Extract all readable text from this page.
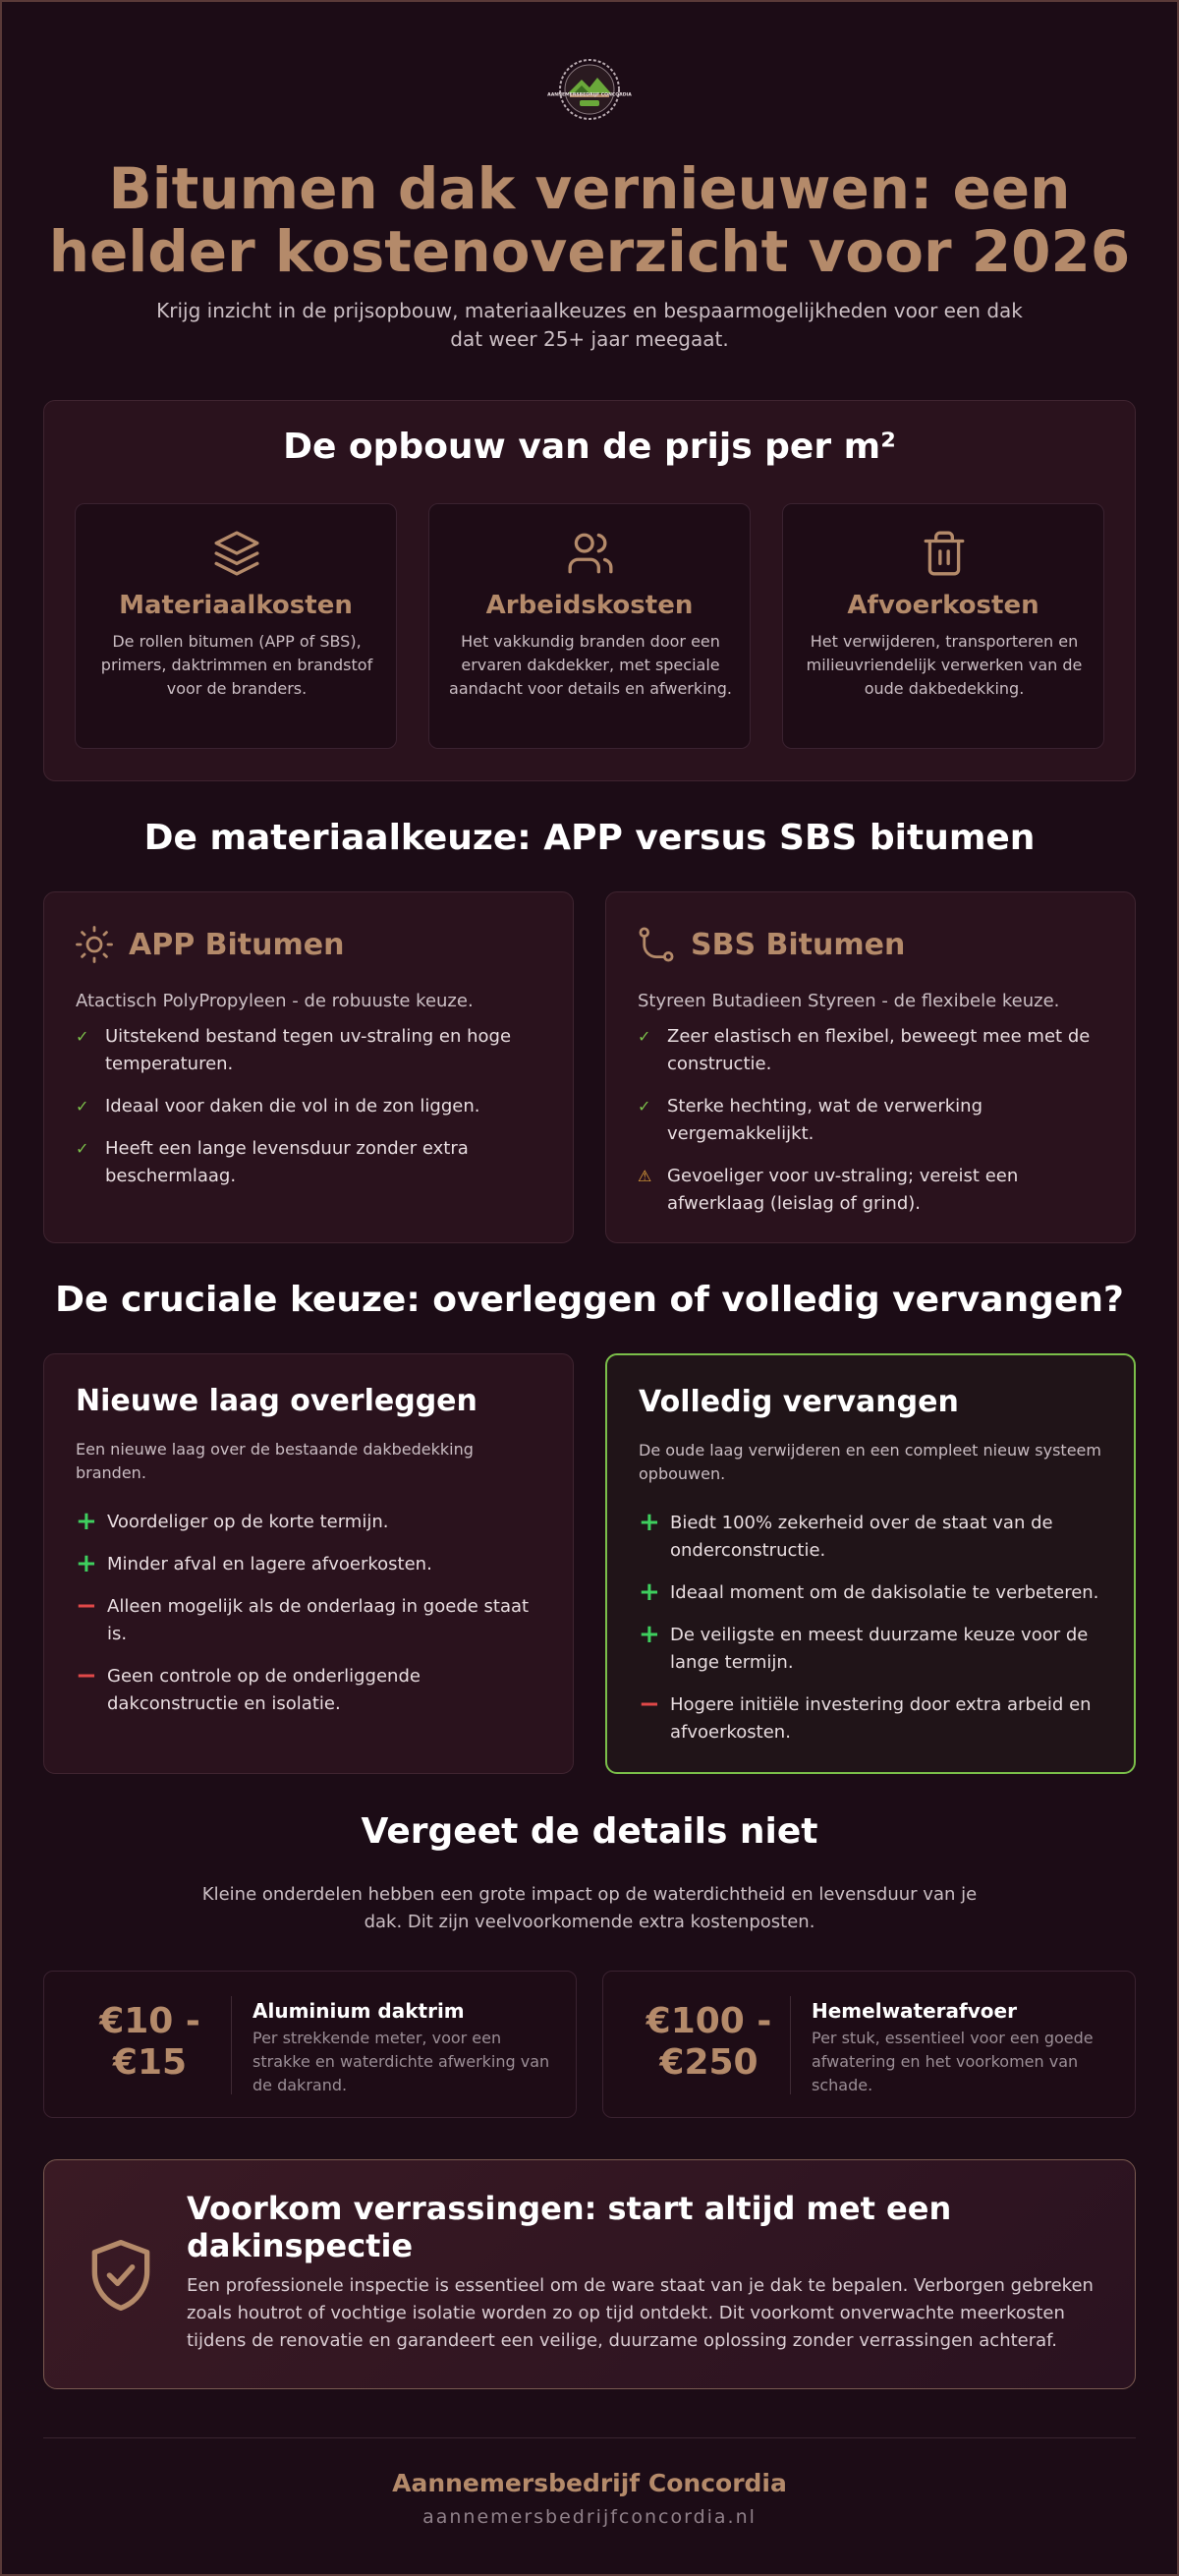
AANNEMERSBEDRIJF CONCORDIA
Bitumen dak vernieuwen: een helder kostenoverzicht voor 2026

Krijg inzicht in de prijsopbouw, materiaalkeuzes en bespaarmogelijkheden voor een dak dat weer 25+ jaar meegaat.

De opbouw van de prijs per m²
Materiaalkosten

De rollen bitumen (APP of SBS), primers, daktrimmen en brandstof voor de branders.

Arbeidskosten

Het vakkundig branden door een ervaren dakdekker, met speciale aandacht voor details en afwerking.

Afvoerkosten

Het verwijderen, transporteren en milieuvriendelijk verwerken van de oude dakbedekking.

De materiaalkeuze: APP versus SBS bitumen
APP Bitumen
Atactisch PolyPropyleen - de robuuste keuze.
✓ Uitstekend bestand tegen uv-straling en hoge temperaturen.
✓ Ideaal voor daken die vol in de zon liggen.
✓ Heeft een lange levensduur zonder extra beschermlaag.
SBS Bitumen
Styreen Butadieen Styreen - de flexibele keuze.
✓ Zeer elastisch en flexibel, beweegt mee met de constructie.
✓ Sterke hechting, wat de verwerking vergemakkelijkt.
⚠ Gevoeliger voor uv-straling; vereist een afwerklaag (leislag of grind).
De cruciale keuze: overleggen of volledig vervangen?
Nieuwe laag overleggen

Een nieuwe laag over de bestaande dakbedekking branden.

+ Voordeliger op de korte termijn.
+ Minder afval en lagere afvoerkosten.
− Alleen mogelijk als de onderlaag in goede staat is.
− Geen controle op de onderliggende dakconstructie en isolatie.
Volledig vervangen

De oude laag verwijderen en een compleet nieuw systeem opbouwen.

+ Biedt 100% zekerheid over de staat van de onderconstructie.
+ Ideaal moment om de dakisolatie te verbeteren.
+ De veiligste en meest duurzame keuze voor de lange termijn.
− Hogere initiële investering door extra arbeid en afvoerkosten.
Vergeet de details niet

Kleine onderdelen hebben een grote impact op de waterdichtheid en levensduur van je dak. Dit zijn veelvoorkomende extra kostenposten.

€10 - €15
Aluminium daktrim

Per strekkende meter, voor een strakke en waterdichte afwerking van de dakrand.

€100 - €250
Hemelwaterafvoer

Per stuk, essentieel voor een goede afwatering en het voorkomen van schade.

Voorkom verrassingen: start altijd met een dakinspectie

Een professionele inspectie is essentieel om de ware staat van je dak te bepalen. Verborgen gebreken zoals houtrot of vochtige isolatie worden zo op tijd ontdekt. Dit voorkomt onverwachte meerkosten tijdens de renovatie en garandeert een veilige, duurzame oplossing zonder verrassingen achteraf.

Aannemersbedrijf Concordia
aannemersbedrijfconcordia.nl
